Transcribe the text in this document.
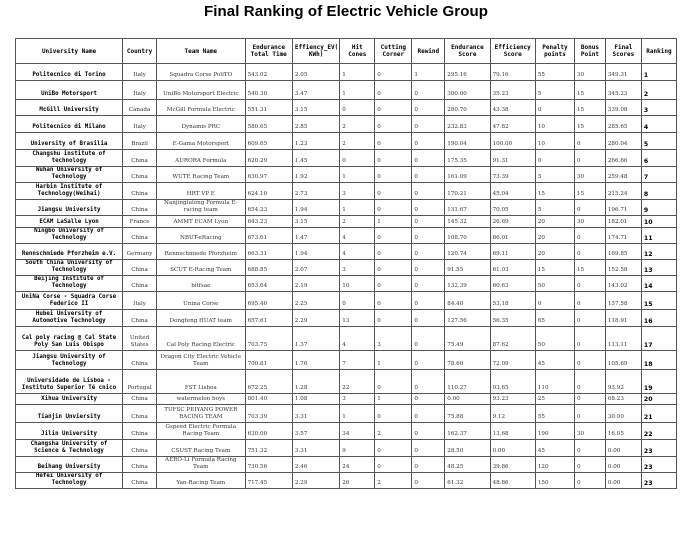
Final Ranking of Electric Vehicle Group
University Name	Country	Team Name	Endurance Total Time	Effiency_EV( KWh)	Hit Cones	Cutting Corner	Rewind	Endurance Score	Efficiency Score	Penalty points	Bonus Point	Final Scores	Ranking
Politecnico di Torino	Italy	Squadra Corse PoliTO	543.02	2.05	1	0	1	295.16	79.16	55	30	349.31	1
UniBo Motorsport	Italy	UniBo Motorsport Electric	540.30	3.47	1	0	0	300.00	35.23	5	15	345.23	2
McGill University	Canada	McGill Formula Electric	551.31	3.15	0	0	0	280.70	43.38	0	15	339.08	3
Politecnico di Milano	Italy	Dynamis PRC	580.65	2.85	2	0	0	232.83	47.82	10	15	285.65	4
University of Brasilia	Brazil	E-Gama Motorsport	609.65	1.23	2	0	0	190.04	100.00	10	0	280.04	5
Changshu institute of technology	China	AURORA Formula	620.29	1.45	0	0	0	175.35	91.31	0	0	266.66	6
Wuhan University of Technology	China	WUTE Racing Team	630.97	1.92	1	0	0	161.09	73.39	5	30	259.48	7
Harbin Institute of Technology(Weihai)	China	HRT VP E	624.10	2.73	3	0	0	170.21	45.04	15	15	215.24	8
Jiangsu University	China	Nanjinglulong Formula E-racing team	654.23	1.94	1	0	0	131.67	70.05	5	0	196.71	9
ECAM LaSalle Lyon	France	AMMT ECAM Lyon	643.23	3.15	2	1	0	145.32	26.69	20	30	182.01	10
Ningbo University of Technology	China	NBUT-eRacing	673.61	1.47	4	0	0	108.70	86.01	20	0	174.71	11
Rennschmiede Pforzheim e.V.	Germany	Rennschmiede Pforzheim	663.31	1.94	4	0	0	120.74	69.11	20	0	169.85	12
South China University of Technology	China	SCUT E-Racing Team	688.85	2.07	3	0	0	91.55	61.03	15	15	152.58	13
Beijing Institute of Technology	China	bitfsae	653.64	2.19	10	0	0	132.39	60.63	50	0	143.02	14
UniNa Corse - Squadra Corse Federico II	Italy	Unina Corse	695.40	2.25	0	0	0	84.40	53.18	0	0	137.58	15
Hubei University of Automotive Technology	China	Dongfeng HUAT team	657.61	2.29	13	0	0	127.56	56.35	65	0	118.91	16
Cal poly racing @ Cal State Poly San Luis Obispo	United States	Cal Poly Racing Electric	703.75	1.37	4	3	0	75.49	87.62	50	0	113.11	17
Jiangsu University of Technology	China	Dragon City Electric Vehicle Team	700.81	1.76	7	1	0	78.60	72.09	45	0	105.69	18
Universidade de Lisboa - Instituto Superior Té cnico	Portugal	FST Lisboa	672.25	1.28	22	0	0	110.27	93.65	110	0	93.92	19
Xihua University	China	watermelon boys	801.40	1.08	3	1	0	0.00	93.23	25	0	68.23	20
Tianjin Unviersity	China	TUFSC PEIYANG POWER RACING TEAM	703.39	3.31	1	0	0	75.88	9.12	55	0	30.00	21
Jilin University	China	Gspeed Electric Formula Racing Team	630.00	3.57	34	2	0	162.37	13.68	190	30	16.05	22
Changsha University of Science & Technology	China	CSUST Racing Team	751.32	3.31	9	0	0	28.50	0.00	45	0	0.00	23
Beihang University	China	AERO-Li Formula Racing Team	730.56	2.46	24	0	0	48.25	39.86	120	0	0.00	23
Hefei University of Technology	China	Yan-Racing Team	717.45	2.29	26	2	0	61.32	48.86	150	0	0.00	23
